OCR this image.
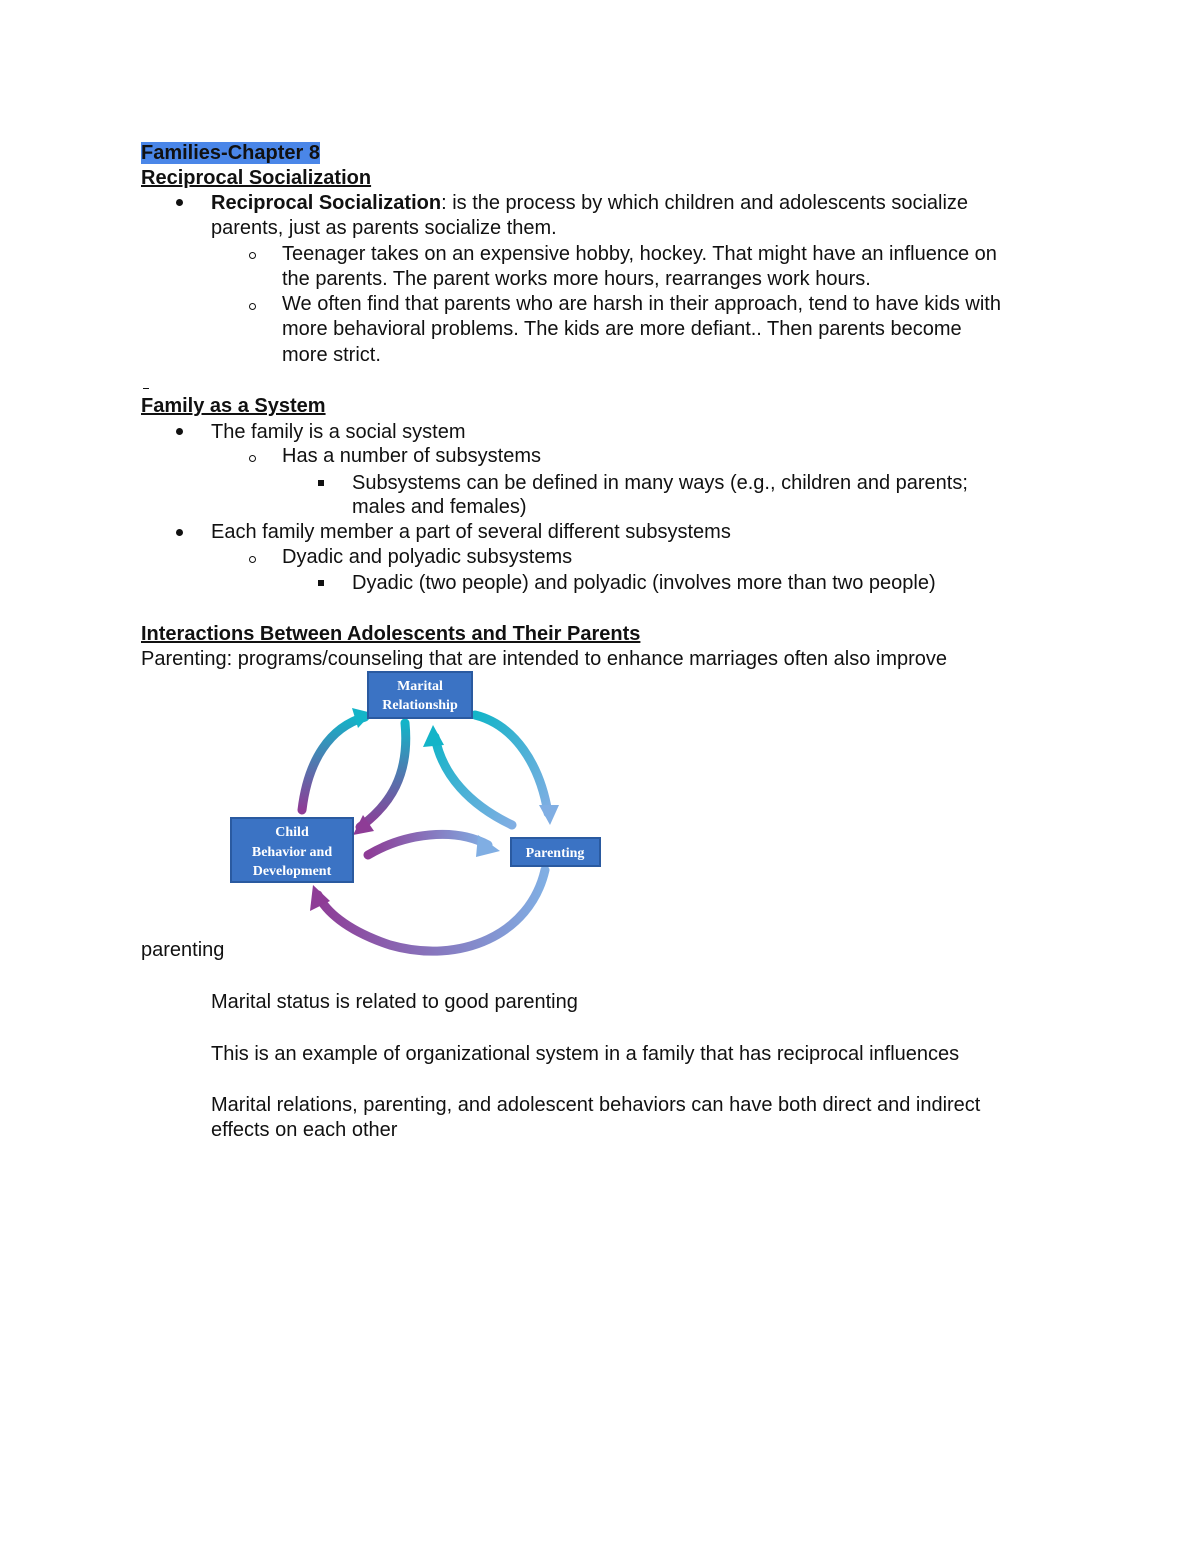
Families-Chapter 8
Reciprocal Socialization
Reciprocal Socialization: is the process by which children and adolescents socialize
parents, just as parents socialize them.
Teenager takes on an expensive hobby, hockey. That might have an influence on
the parents. The parent works more hours, rearranges work hours.
We often find that parents who are harsh in their approach, tend to have kids with
more behavioral problems. The kids are more defiant.. Then parents become
more strict.
Family as a System
The family is a social system
Has a number of subsystems
Subsystems can be defined in many ways (e.g., children and parents;
males and females)
Each family member a part of several different subsystems
Dyadic and polyadic subsystems
Dyadic (two people) and polyadic (involves more than two people)
Interactions Between Adolescents and Their Parents
Parenting: programs/counseling that are intended to enhance marriages often also improve
Marital
Relationship
Child
Behavior and
Development
Parenting
parenting
Marital status is related to good parenting
This is an example of organizational system in a family that has reciprocal influences
Marital relations, parenting, and adolescent behaviors can have both direct and indirect
effects on each other
